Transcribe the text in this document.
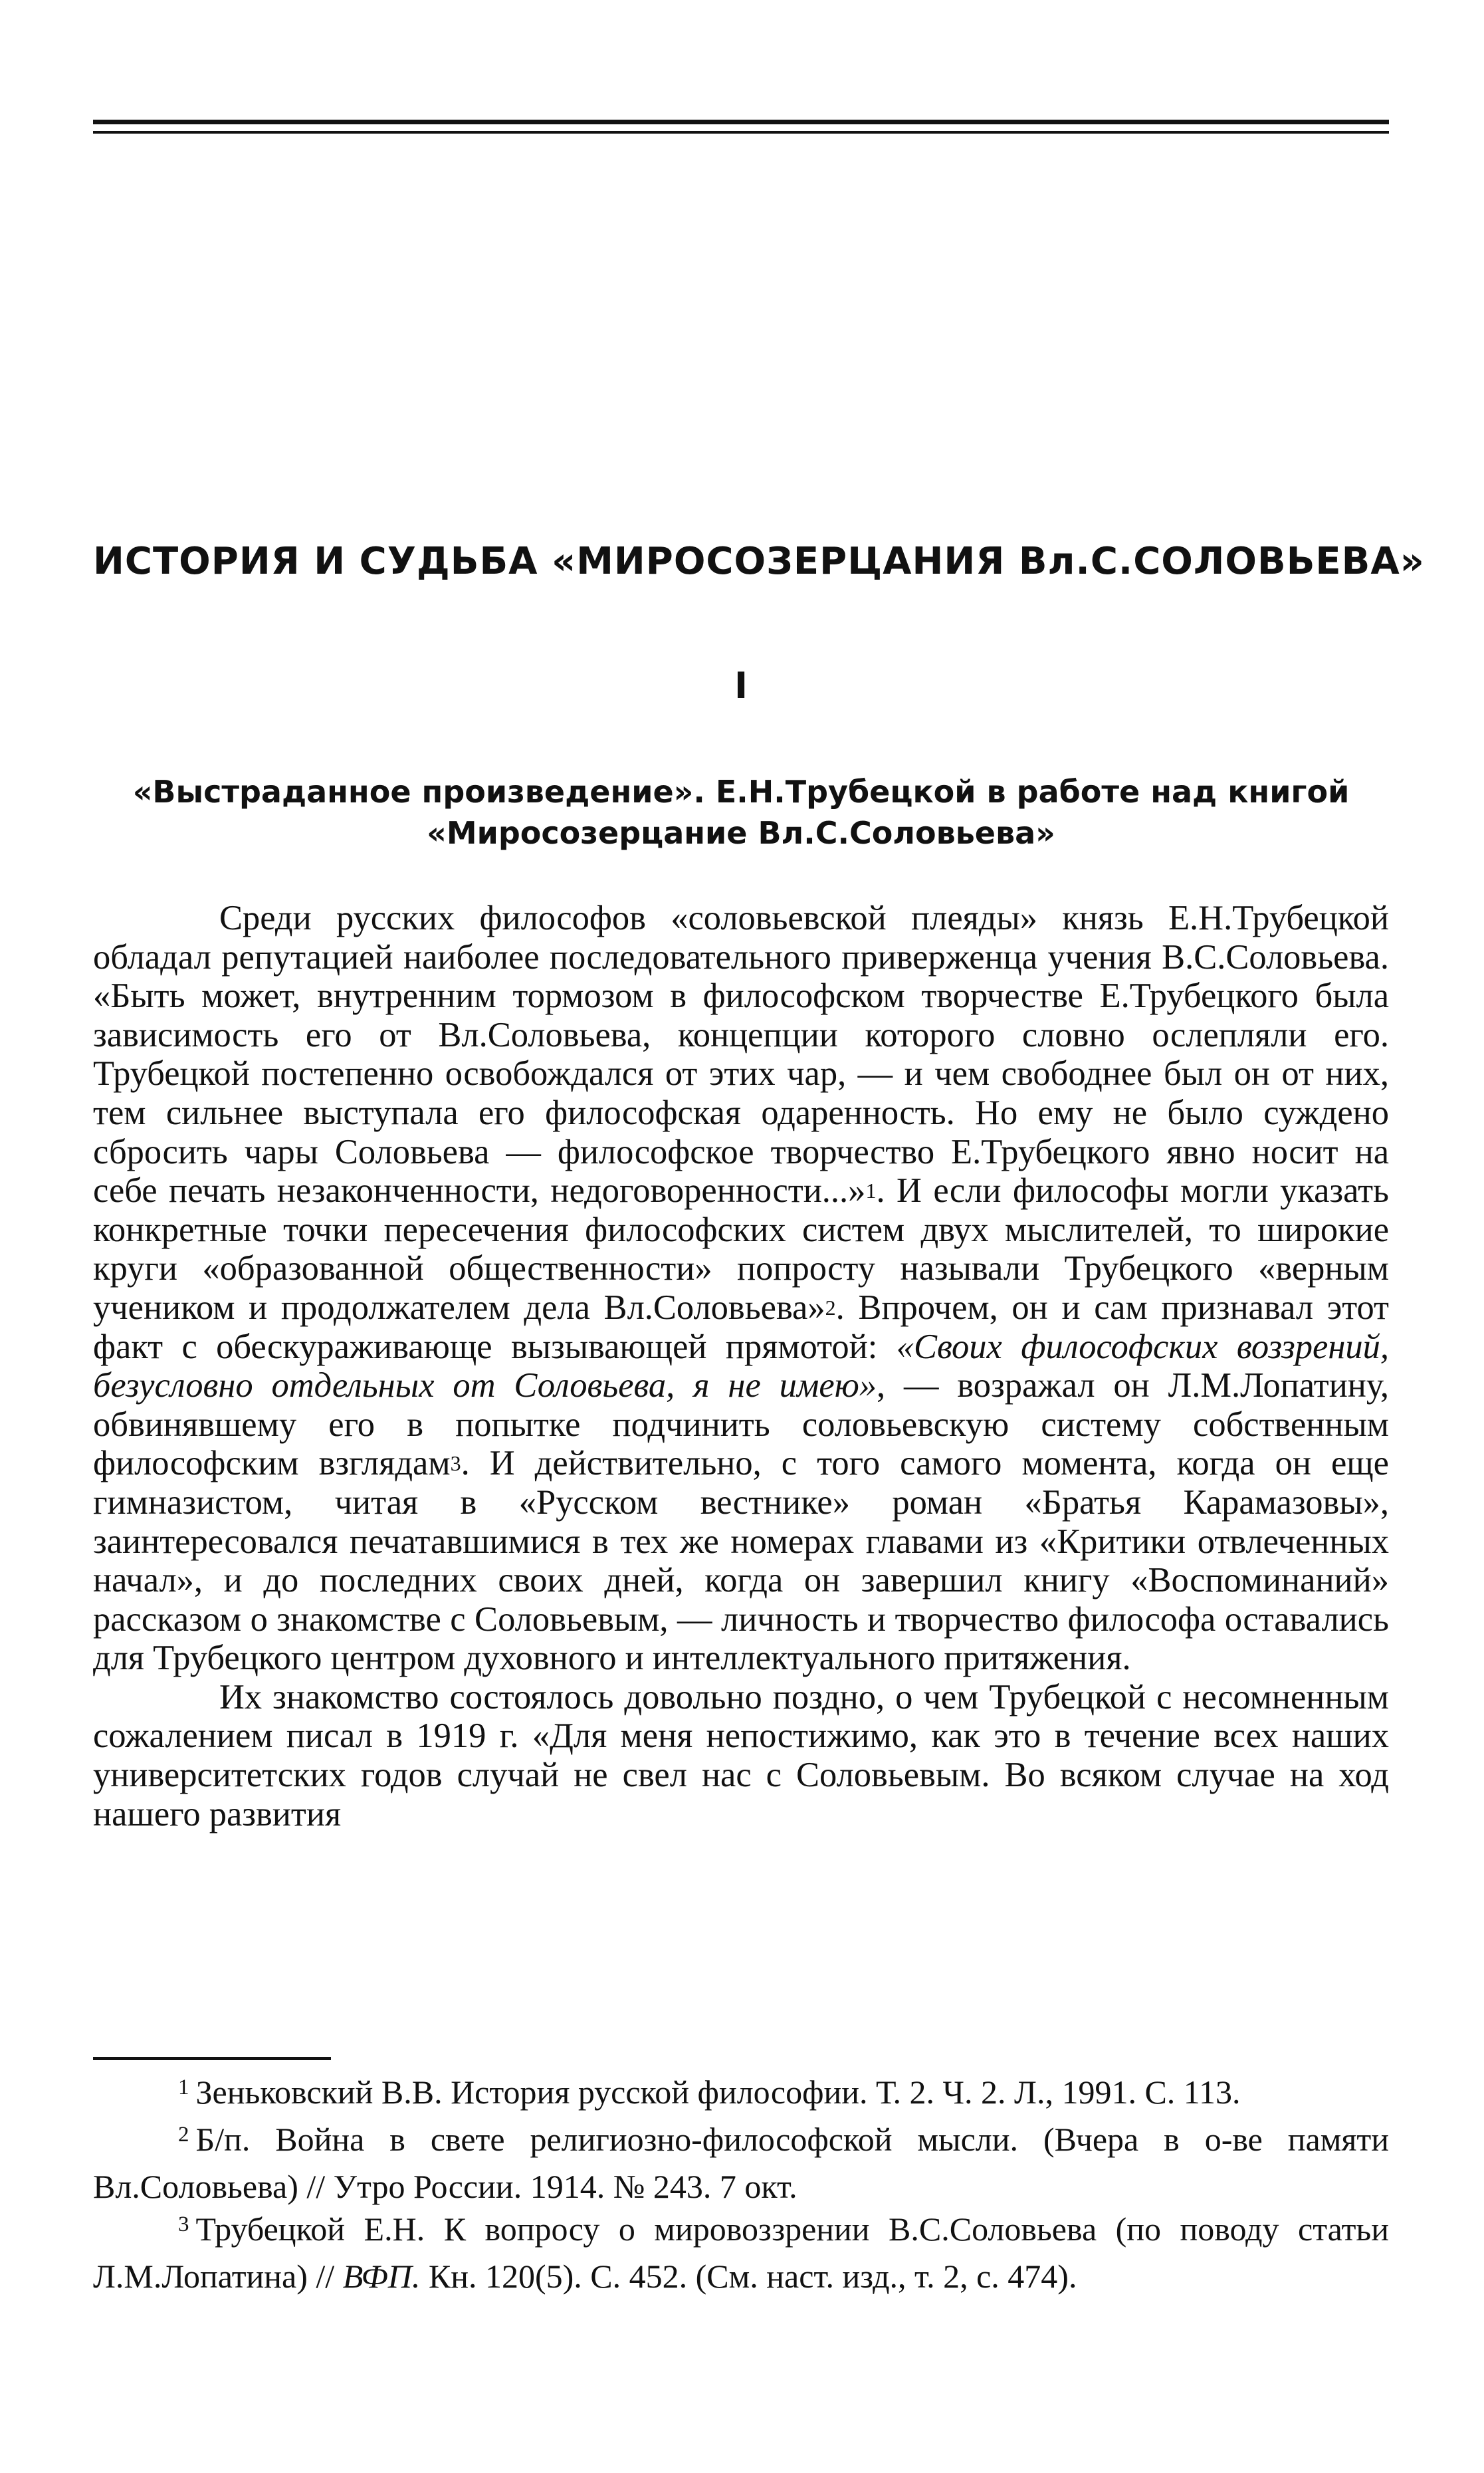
ИСТОРИЯ И СУДЬБА «МИРОСОЗЕРЦАНИЯ Вл.С.СОЛОВЬЕВА»
I
«Выстраданное произведение». Е.Н.Трубецкой в работе над книгой
«Миросозерцание Вл.С.Соловьева»

Среди русских философов «соловьевской плеяды» князь Е.Н.Трубецкой обладал репутацией наиболее последовательного приверженца учения В.С.Соловьева. «Быть может, внутренним тормозом в философском творчестве Е.Трубецкого была зависимость его от Вл.Соловьева, концепции которого словно ослепляли его. Трубецкой постепенно освобождался от этих чар, — и чем свободнее был он от них, тем сильнее выступала его философская одаренность. Но ему не было суждено сбросить чары Соловьева — философское творчество Е.Трубецкого явно носит на себе печать незаконченности, недоговоренности...»$^1$. И если философы могли указать конкретные точки пересечения философских систем двух мыслителей, то широкие круги «образованной общественности» попросту называли Трубецкого «верным учеником и продолжателем дела Вл.Соловьева»$^2$. Впрочем, он и сам признавал этот факт с обескураживающе вызывающей прямотой: «Своих философских воззрений, безусловно отдельных от Соловьева, я не имею», — возражал он Л.М.Лопатину, обвинявшему его в попытке подчинить соловьевскую систему собственным философским взглядам$^3$. И действительно, с того самого момента, когда он еще гимназистом, читая в «Русском вестнике» роман «Братья Карамазовы», заинтересовался печатавшимися в тех же номерах главами из «Критики отвлеченных начал», и до последних своих дней, когда он завершил книгу «Воспоминаний» рассказом о знакомстве с Соловьевым, — личность и творчество философа оставались для Трубецкого центром духовного и интеллектуального притяжения.

Их знакомство состоялось довольно поздно, о чем Трубецкой с несомненным сожалением писал в 1919 г. «Для меня непостижимо, как это в течение всех наших университетских годов случай не свел нас с Соловьевым. Во всяком случае на ход нашего развития

$^1$ Зеньковский В.В. История русской философии. Т. 2. Ч. 2. Л., 1991. С. 113.

$^2$ Б/п. Война в свете религиозно-философской мысли. (Вчера в о-ве памяти Вл.Соловьева) // Утро России. 1914. № 243. 7 окт.

$^3$ Трубецкой Е.Н. К вопросу о мировоззрении В.С.Соловьева (по поводу статьи Л.М.Лопатина) // ВФП. Кн. 120(5). С. 452. (См. наст. изд., т. 2, с. 474).
